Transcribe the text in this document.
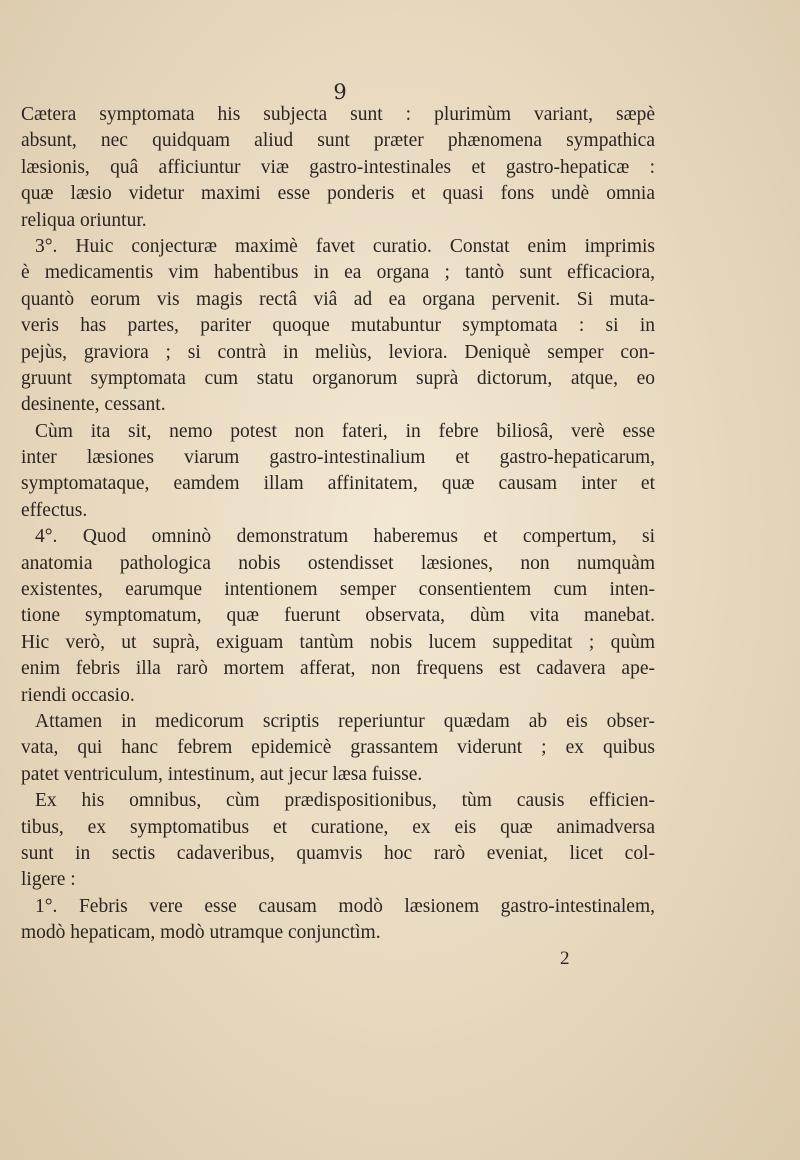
9
Cætera symptomata his subjecta sunt : plurimùm variant, sæpè
absunt, nec quidquam aliud sunt præter phænomena sympathica
læsionis, quâ afficiuntur viæ gastro-intestinales et gastro-hepaticæ :
quæ læsio videtur maximi esse ponderis et quasi fons undè omnia
reliqua oriuntur.
3°. Huic conjecturæ maximè favet curatio. Constat enim imprimis
è medicamentis vim habentibus in ea organa ; tantò sunt efficaciora,
quantò eorum vis magis rectâ viâ ad ea organa pervenit. Si muta-
veris has partes, pariter quoque mutabuntur symptomata : si in
pejùs, graviora ; si contrà in meliùs, leviora. Deniquè semper con-
gruunt symptomata cum statu organorum suprà dictorum, atque, eo
desinente, cessant.
Cùm ita sit, nemo potest non fateri, in febre biliosâ, verè esse
inter læsiones viarum gastro-intestinalium et gastro-hepaticarum,
symptomataque, eamdem illam affinitatem, quæ causam inter et
effectus.
4°. Quod omninò demonstratum haberemus et compertum, si
anatomia pathologica nobis ostendisset læsiones, non numquàm
existentes, earumque intentionem semper consentientem cum inten-
tione symptomatum, quæ fuerunt observata, dùm vita manebat.
Hic verò, ut suprà, exiguam tantùm nobis lucem suppeditat ; quùm
enim febris illa rarò mortem afferat, non frequens est cadavera ape-
riendi occasio.
Attamen in medicorum scriptis reperiuntur quædam ab eis obser-
vata, qui hanc febrem epidemicè grassantem viderunt ; ex quibus
patet ventriculum, intestinum, aut jecur læsa fuisse.
Ex his omnibus, cùm prædispositionibus, tùm causis efficien-
tibus, ex symptomatibus et curatione, ex eis quæ animadversa
sunt in sectis cadaveribus, quamvis hoc rarò eveniat, licet col-
ligere :
1°. Febris vere esse causam modò læsionem gastro-intestinalem,
modò hepaticam, modò utramque conjunctìm.
2
